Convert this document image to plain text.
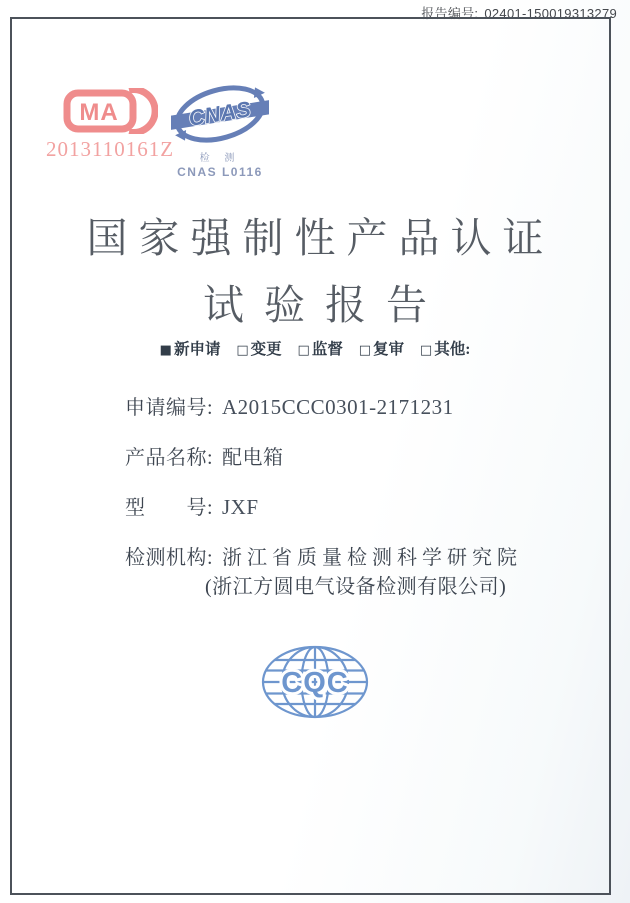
报告编号: 02401-150019313279
MA
2013110161Z
CNAS
检 测
CNAS L0116
国家强制性产品认证
试验报告
■ 新申请 □ 变更 □ 监督 □ 复审 □ 其他:
申请编号: A2015CCC0301-2171231
产品名称: 配电箱
型　　号: JXF
检测机构: 浙江省质量检测科学研究院
(浙江方圆电气设备检测有限公司)
CQC
